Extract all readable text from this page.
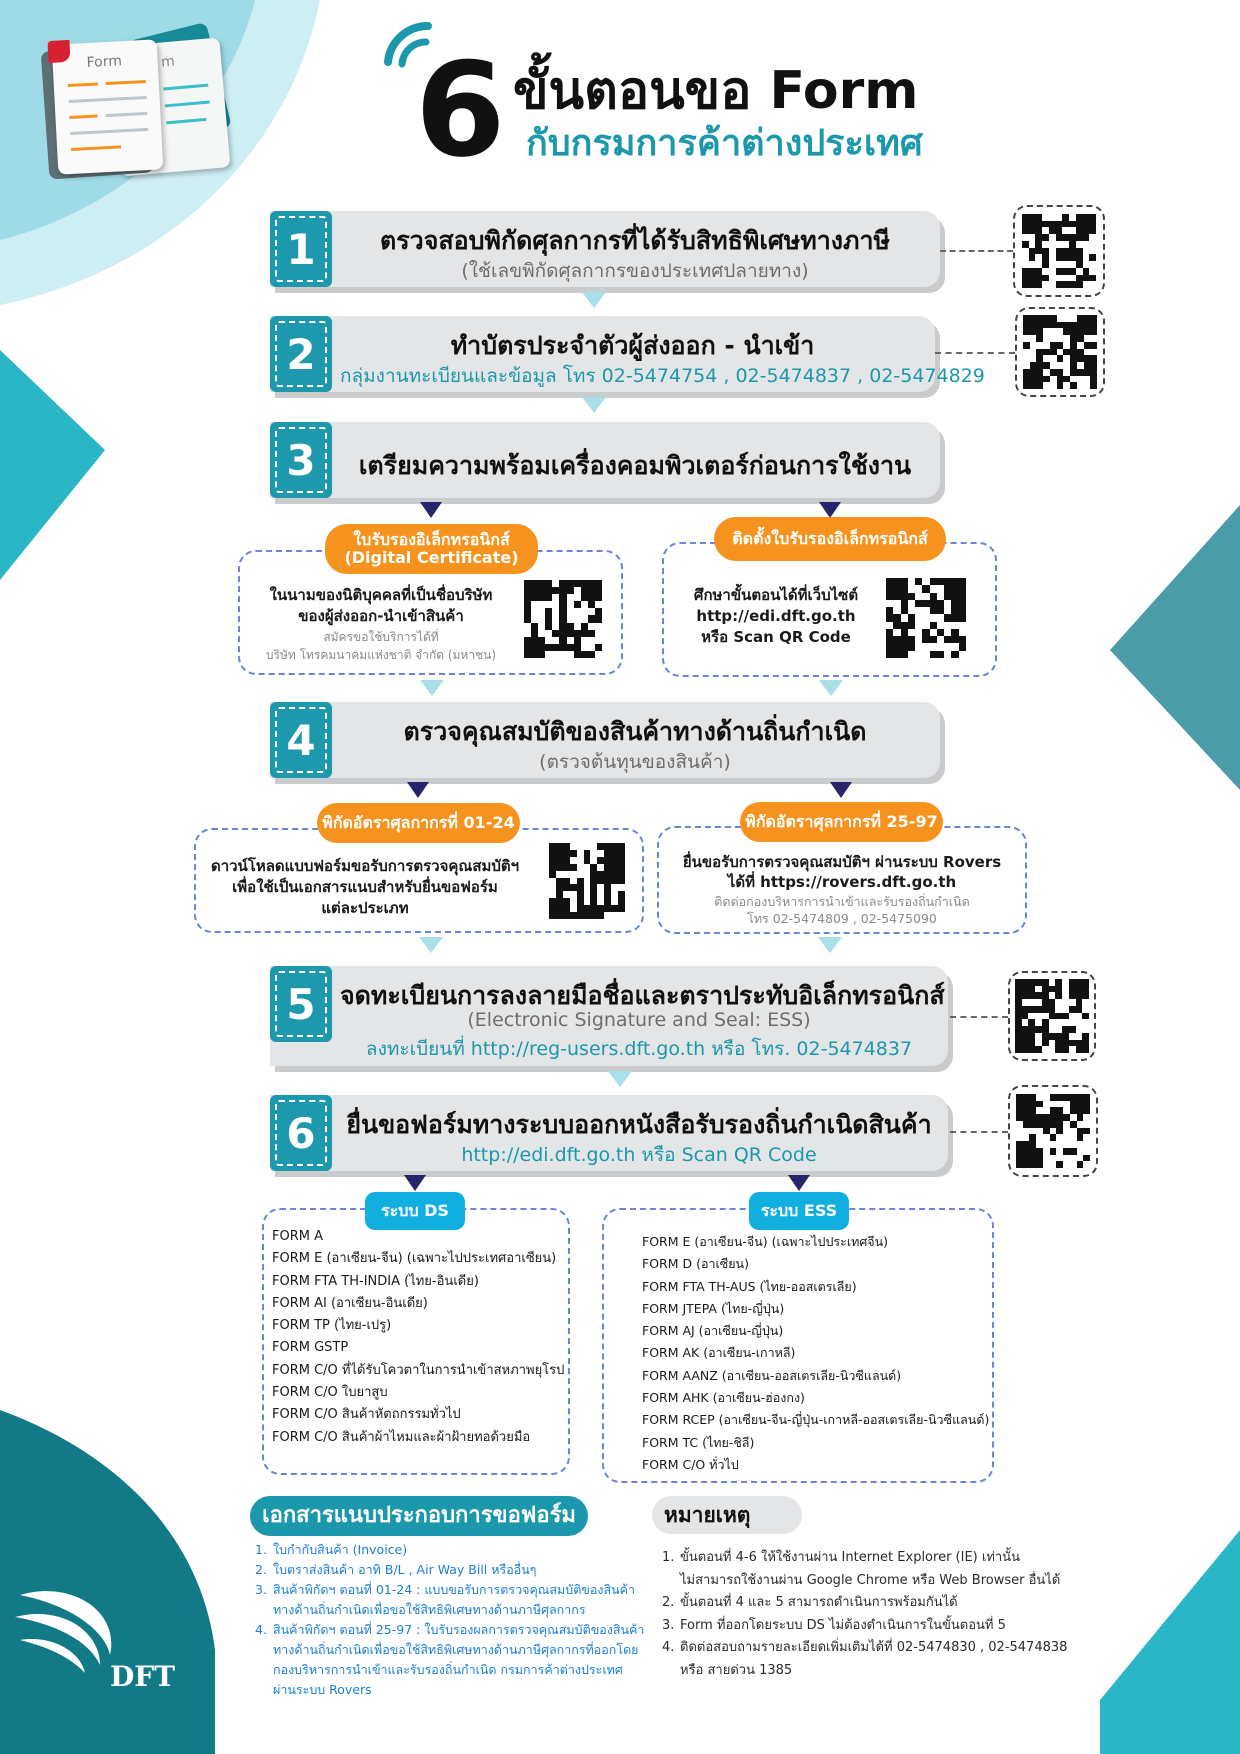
m
Form 6 ขั้นตอนขอ Form
กับกรมการค้าต่างประเทศ
ตรวจสอบพิกัดศุลกากรที่ได้รับสิทธิพิเศษทางภาษี
(ใช้เลขพิกัดศุลกากรของประเทศปลายทาง)
1
ทำบัตรประจำตัวผู้ส่งออก - นำเข้า
กลุ่มงานทะเบียนและข้อมูล โทร 02-5474754 , 02-5474837 , 02-5474829
2
เตรียมความพร้อมเครื่องคอมพิวเตอร์ก่อนการใช้งาน
3
ใบรับรองอิเล็กทรอนิกส์
(Digital Certificate)
ในนามของนิติบุคคลที่เป็นชื่อบริษัท
ของผู้ส่งออก-นำเข้าสินค้า
สมัครขอใช้บริการได้ที่
บริษัท โทรคมนาคมแห่งชาติ จำกัด (มหาชน)
ติดตั้งใบรับรองอิเล็กทรอนิกส์
ศึกษาขั้นตอนได้ที่เว็บไซต์
http://edi.dft.go.th
หรือ Scan QR Code
ตรวจคุณสมบัติของสินค้าทางด้านถิ่นกำเนิด
(ตรวจต้นทุนของสินค้า)
4
พิกัดอัตราศุลกากรที่ 01-24
ดาวน์โหลดแบบฟอร์มขอรับการตรวจคุณสมบัติฯ
เพื่อใช้เป็นเอกสารแนบสำหรับยื่นขอฟอร์ม
แต่ละประเภท
พิกัดอัตราศุลกากรที่ 25-97
ยื่นขอรับการตรวจคุณสมบัติฯ ผ่านระบบ Rovers
ได้ที่ https://rovers.dft.go.th
ติดต่อกองบริหารการนำเข้าและรับรองถิ่นกำเนิด
โทร 02-5474809 , 02-5475090
จดทะเบียนการลงลายมือชื่อและตราประทับอิเล็กทรอนิกส์
(Electronic Signature and Seal: ESS)
ลงทะเบียนที่ http://reg-users.dft.go.th หรือ โทร. 02-5474837
5
ยื่นขอฟอร์มทางระบบออกหนังสือรับรองถิ่นกำเนิดสินค้า
http://edi.dft.go.th หรือ Scan QR Code
6
ระบบ DS
FORM A
FORM E (อาเซียน-จีน) (เฉพาะไปประเทศอาเซียน)
FORM FTA TH-INDIA (ไทย-อินเดีย)
FORM AI (อาเซียน-อินเดีย)
FORM TP (ไทย-เปรู)
FORM GSTP
FORM C/O ที่ได้รับโควตาในการนำเข้าสหภาพยุโรป
FORM C/O ใบยาสูบ
FORM C/O สินค้าหัตถกรรมทั่วไป
FORM C/O สินค้าผ้าไหมและผ้าฝ้ายทอด้วยมือ
ระบบ ESS
FORM E (อาเซียน-จีน) (เฉพาะไปประเทศจีน)
FORM D (อาเซียน)
FORM FTA TH-AUS (ไทย-ออสเตรเลีย)
FORM JTEPA (ไทย-ญี่ปุ่น)
FORM AJ (อาเซียน-ญี่ปุ่น)
FORM AK (อาเซียน-เกาหลี)
FORM AANZ (อาเซียน-ออสเตรเลีย-นิวซีแลนด์)
FORM AHK (อาเซียน-ฮ่องกง)
FORM RCEP (อาเซียน-จีน-ญี่ปุ่น-เกาหลี-ออสเตรเลีย-นิวซีแลนด์)
FORM TC (ไทย-ชิลี)
FORM C/O ทั่วไป
เอกสารแนบประกอบการขอฟอร์ม
1. ใบกำกับสินค้า (Invoice)
2. ใบตราส่งสินค้า อาทิ B/L , Air Way Bill หรืออื่นๆ
3. สินค้าพิกัดฯ ตอนที่ 01-24 : แบบขอรับการตรวจคุณสมบัติของสินค้า
ทางด้านถิ่นกำเนิดเพื่อขอใช้สิทธิพิเศษทางด้านภาษีศุลกากร
4. สินค้าพิกัดฯ ตอนที่ 25-97 : ใบรับรองผลการตรวจคุณสมบัติของสินค้า
ทางด้านถิ่นกำเนิดเพื่อขอใช้สิทธิพิเศษทางด้านภาษีศุลกากรที่ออกโดย
กองบริหารการนำเข้าและรับรองถิ่นกำเนิด กรมการค้าต่างประเทศ
ผ่านระบบ Rovers
หมายเหตุ
1. ขั้นตอนที่ 4-6 ให้ใช้งานผ่าน Internet Explorer (IE) เท่านั้น
ไม่สามารถใช้งานผ่าน Google Chrome หรือ Web Browser อื่นได้
2. ขั้นตอนที่ 4 และ 5 สามารถดำเนินการพร้อมกันได้
3. Form ที่ออกโดยระบบ DS ไม่ต้องดำเนินการในขั้นตอนที่ 5
4. ติดต่อสอบถามรายละเอียดเพิ่มเติมได้ที่ 02-5474830 , 02-5474838
หรือ สายด่วน 1385
DFT
